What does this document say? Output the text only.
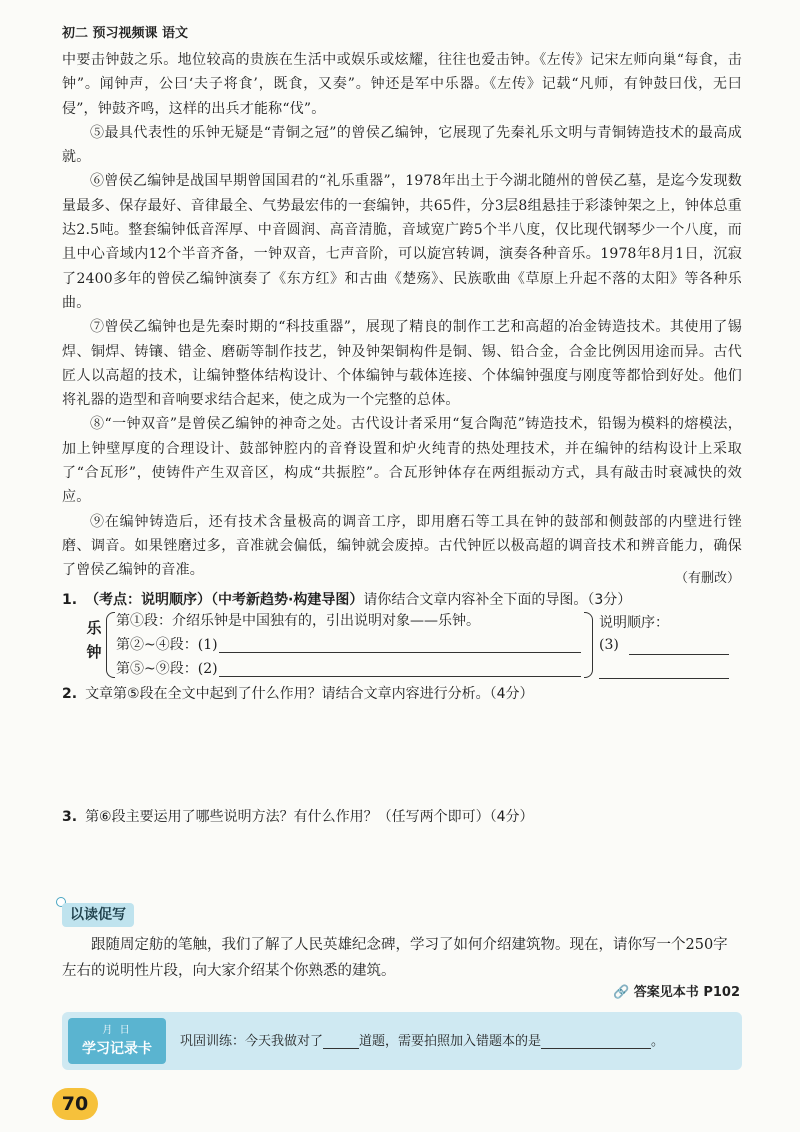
初二 预习视频课 语文

中要击钟鼓之乐。地位较高的贵族在生活中或娱乐或炫耀，往往也爱击钟。《左传》记宋左师向巢“每食，击钟”。闻钟声，公曰‘夫子将食’，既食，又奏”。钟还是军中乐器。《左传》记载“凡师，有钟鼓曰伐，无曰侵”，钟鼓齐鸣，这样的出兵才能称“伐”。

⑤最具代表性的乐钟无疑是“青铜之冠”的曾侯乙编钟，它展现了先秦礼乐文明与青铜铸造技术的最高成就。

⑥曾侯乙编钟是战国早期曾国国君的“礼乐重器”，1978年出土于今湖北随州的曾侯乙墓，是迄今发现数量最多、保存最好、音律最全、气势最宏伟的一套编钟，共65件，分3层8组悬挂于彩漆钟架之上，钟体总重达2.5吨。整套编钟低音浑厚、中音圆润、高音清脆，音域宽广跨5个半八度，仅比现代钢琴少一个八度，而且中心音域内12个半音齐备，一钟双音，七声音阶，可以旋宫转调，演奏各种音乐。1978年8月1日，沉寂了2400多年的曾侯乙编钟演奏了《东方红》和古曲《楚殇》、民族歌曲《草原上升起不落的太阳》等各种乐曲。

⑦曾侯乙编钟也是先秦时期的“科技重器”，展现了精良的制作工艺和高超的冶金铸造技术。其使用了锡焊、铜焊、铸镶、错金、磨砺等制作技艺，钟及钟架铜构件是铜、锡、铅合金，合金比例因用途而异。古代匠人以高超的技术，让编钟整体结构设计、个体编钟与载体连接、个体编钟强度与刚度等都恰到好处。他们将礼器的造型和音响要求结合起来，使之成为一个完整的总体。

⑧“一钟双音”是曾侯乙编钟的神奇之处。古代设计者采用“复合陶范”铸造技术，铅锡为模料的熔模法，加上钟壁厚度的合理设计、鼓部钟腔内的音脊设置和炉火纯青的热处理技术，并在编钟的结构设计上采取了“合瓦形”，使铸件产生双音区，构成“共振腔”。合瓦形钟体存在两组振动方式，具有敲击时衰减快的效应。

⑨在编钟铸造后，还有技术含量极高的调音工序，即用磨石等工具在钟的鼓部和侧鼓部的内壁进行锉磨、调音。如果锉磨过多，音准就会偏低，编钟就会废掉。古代钟匠以极高超的调音技术和辨音能力，确保了曾侯乙编钟的音准。

（有删改）
1. （考点：说明顺序）（中考新趋势·构建导图）请你结合文章内容补全下面的导图。（3分）
乐钟
第①段：介绍乐钟是中国独有的，引出说明对象——乐钟。
第②~④段：(1)
第⑤~⑨段：(2)
说明顺序：
(3)
2. 文章第⑤段在全文中起到了什么作用？请结合文章内容进行分析。（4分）
3. 第⑥段主要运用了哪些说明方法？有什么作用？（任写两个即可）（4分）
以读促写

跟随周定舫的笔触，我们了解了人民英雄纪念碑，学习了如何介绍建筑物。现在，请你写一个250字左右的说明性片段，向大家介绍某个你熟悉的建筑。

🔗 答案见本书 P102
月 日
学习记录卡	巩固训练：今天我做对了	道题，需要拍照加入错题本的是	。
70
